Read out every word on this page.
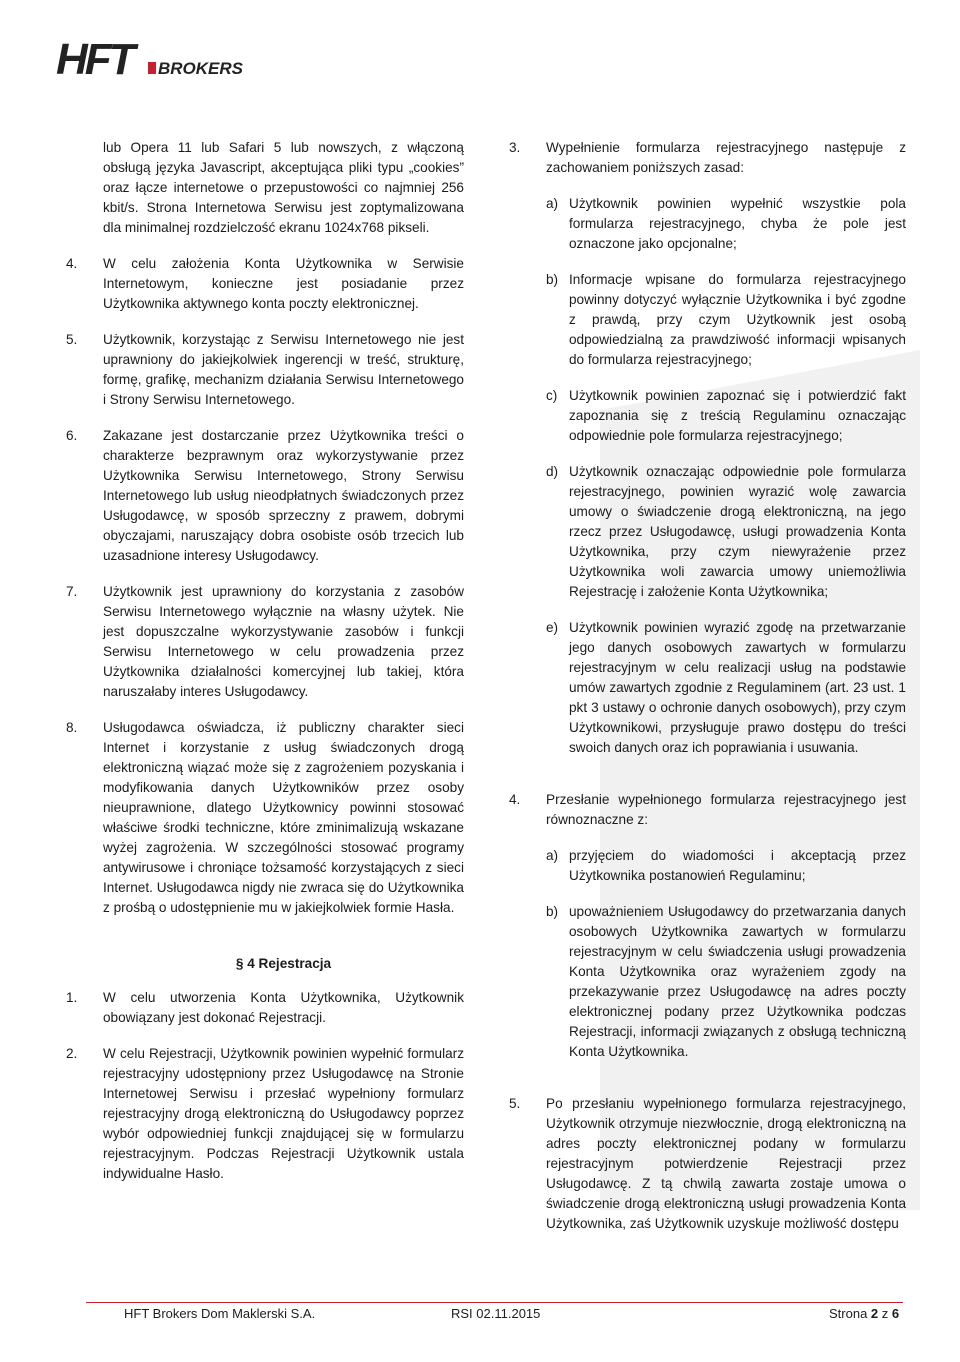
HFT	BROKERS
lub Opera 11 lub Safari 5 lub nowszych, z włączoną obsługą języka Javascript, akceptująca pliki typu „cookies” oraz łącze internetowe o przepustowości co najmniej 256 kbit/s. Strona Internetowa Serwisu jest zoptymalizowana dla minimalnej rozdzielczość ekranu 1024x768 pikseli.
4.	W celu założenia Konta Użytkownika w Serwisie Internetowym, konieczne jest posiadanie przez Użytkownika aktywnego konta poczty elektronicznej.
5.	Użytkownik, korzystając z Serwisu Internetowego nie jest uprawniony do jakiejkolwiek ingerencji w treść, strukturę, formę, grafikę, mechanizm działania Serwisu Internetowego i Strony Serwisu Internetowego.
6.	Zakazane jest dostarczanie przez Użytkownika treści o charakterze bezprawnym oraz wykorzystywanie przez Użytkownika Serwisu Internetowego, Strony Serwisu Internetowego lub usług nieodpłatnych świadczonych przez Usługodawcę, w sposób sprzeczny z prawem, dobrymi obyczajami, naruszający dobra osobiste osób trzecich lub uzasadnione interesy Usługodawcy.
7.	Użytkownik jest uprawniony do korzystania z zasobów Serwisu Internetowego wyłącznie na własny użytek. Nie jest dopuszczalne wykorzystywanie zasobów i funkcji Serwisu Internetowego w celu prowadzenia przez Użytkownika działalności komercyjnej lub takiej, która naruszałaby interes Usługodawcy.
8.	Usługodawca oświadcza, iż publiczny charakter sieci Internet i korzystanie z usług świadczonych drogą elektroniczną wiązać może się z zagrożeniem pozyskania i modyfikowania danych Użytkowników przez osoby nieuprawnione, dlatego Użytkownicy powinni stosować właściwe środki techniczne, które zminimalizują wskazane wyżej zagrożenia. W szczególności stosować programy antywirusowe i chroniące tożsamość korzystających z sieci Internet. Usługodawca nigdy nie zwraca się do Użytkownika z prośbą o udostępnienie mu w jakiejkolwiek formie Hasła.
§ 4 Rejestracja
1.	W celu utworzenia Konta Użytkownika, Użytkownik obowiązany jest dokonać Rejestracji.
2.	W celu Rejestracji, Użytkownik powinien wypełnić formularz rejestracyjny udostępniony przez Usługodawcę na Stronie Internetowej Serwisu i przesłać wypełniony formularz rejestracyjny drogą elektroniczną do Usługodawcy poprzez wybór odpowiedniej funkcji znajdującej się w formularzu rejestracyjnym. Podczas Rejestracji Użytkownik ustala indywidualne Hasło.
3.	Wypełnienie formularza rejestracyjnego następuje z zachowaniem poniższych zasad:
a) Użytkownik powinien wypełnić wszystkie pola formularza rejestracyjnego, chyba że pole jest oznaczone jako opcjonalne;
b) Informacje wpisane do formularza rejestracyjnego powinny dotyczyć wyłącznie Użytkownika i być zgodne z prawdą, przy czym Użytkownik jest osobą odpowiedzialną za prawdziwość informacji wpisanych do formularza rejestracyjnego;
c) Użytkownik powinien zapoznać się i potwierdzić fakt zapoznania się z treścią Regulaminu oznaczając odpowiednie pole formularza rejestracyjnego;
d) Użytkownik oznaczając odpowiednie pole formularza rejestracyjnego, powinien wyrazić wolę zawarcia umowy o świadczenie drogą elektroniczną, na jego rzecz przez Usługodawcę, usługi prowadzenia Konta Użytkownika, przy czym niewyrażenie przez Użytkownika woli zawarcia umowy uniemożliwia Rejestrację i założenie Konta Użytkownika;
e) Użytkownik powinien wyrazić zgodę na przetwarzanie jego danych osobowych zawartych w formularzu rejestracyjnym w celu realizacji usług na podstawie umów zawartych zgodnie z Regulaminem (art. 23 ust. 1 pkt 3 ustawy o ochronie danych osobowych), przy czym Użytkownikowi, przysługuje prawo dostępu do treści swoich danych oraz ich poprawiania i usuwania.
4.	Przesłanie wypełnionego formularza rejestracyjnego jest równoznaczne z:
a) przyjęciem do wiadomości i akceptacją przez Użytkownika postanowień Regulaminu;
b) upoważnieniem Usługodawcy do przetwarzania danych osobowych Użytkownika zawartych w formularzu rejestracyjnym w celu świadczenia usługi prowadzenia Konta Użytkownika oraz wyrażeniem zgody na przekazywanie przez Usługodawcę na adres poczty elektronicznej podany przez Użytkownika podczas Rejestracji, informacji związanych z obsługą techniczną Konta Użytkownika.
5.	Po przesłaniu wypełnionego formularza rejestracyjnego, Użytkownik otrzymuje niezwłocznie, drogą elektroniczną na adres poczty elektronicznej podany w formularzu rejestracyjnym potwierdzenie Rejestracji przez Usługodawcę. Z tą chwilą zawarta zostaje umowa o świadczenie drogą elektroniczną usługi prowadzenia Konta Użytkownika, zaś Użytkownik uzyskuje możliwość dostępu
HFT Brokers Dom Maklerski S.A.	RSI 02.11.2015	Strona 2 z 6
